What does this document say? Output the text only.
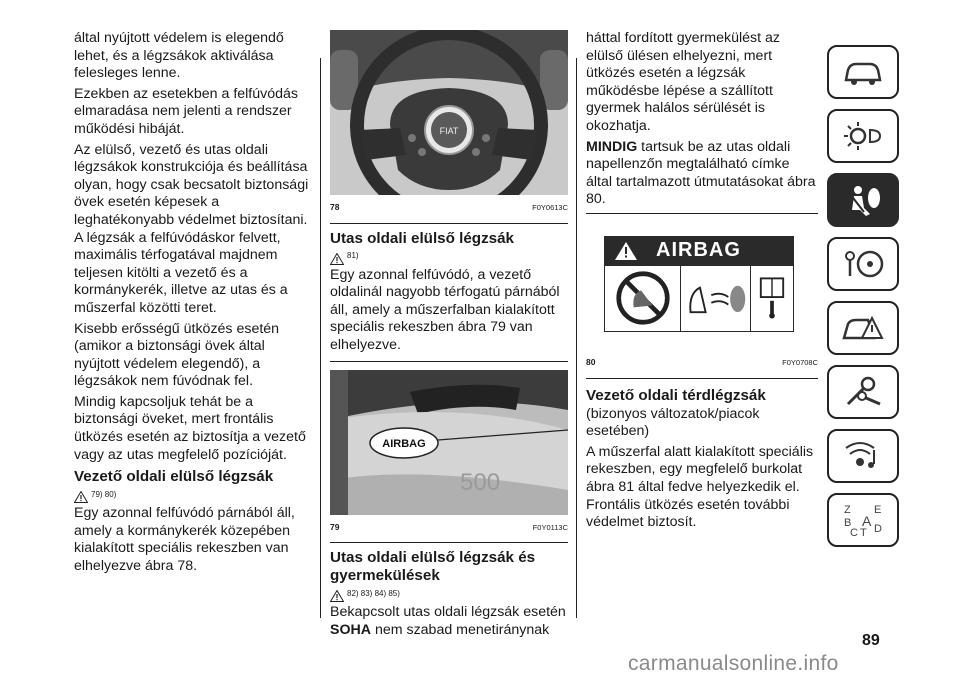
által nyújtott védelem is elegendő lehet, és a légzsákok aktiválása felesleges lenne.

Ezekben az esetekben a felfúvódás elmaradása nem jelenti a rendszer működési hibáját.

Az elülső, vezető és utas oldali légzsákok konstrukciója és beállítása olyan, hogy csak becsatolt biztonsági övek esetén képesek a leghatékonyabb védelmet biztosítani. A légzsák a felfúvódáskor felvett, maximális térfogatával majdnem teljesen kitölti a vezető és a kormánykerék, illetve az utas és a műszerfal közötti teret.

Kisebb erősségű ütközés esetén (amikor a biztonsági övek által nyújtott védelem elegendő), a légzsákok nem fúvódnak fel.

Mindig kapcsoljuk tehát be a biztonsági öveket, mert frontális ütközés esetén az biztosítja a vezető vagy az utas megfelelő pozícióját.

Vezető oldali elülső légzsák
79) 80)

Egy azonnal felfúvódó párnából áll, amely a kormánykerék közepében kialakított speciális rekeszben van elhelyezve ábra 78.

FIAT
78	F0Y0613C
Utas oldali elülső légzsák
81)

Egy azonnal felfúvódó, a vezető oldalinál nagyobb térfogatú párnából áll, amely a műszerfalban kialakított speciális rekeszben ábra 79 van elhelyezve.

AIRBAG
500
79	F0Y0113C
Utas oldali elülső légzsák és gyermekülések
82) 83) 84) 85)

Bekapcsolt utas oldali légzsák esetén SOHA nem szabad menetiránynak

háttal fordított gyermekülést az elülső ülésen elhelyezni, mert ütközés esetén a légzsák működésbe lépése a szállított gyermek halálos sérülését is okozhatja.

MINDIG tartsuk be az utas oldali napellenzőn megtalálható címke által tartalmazott útmutatásokat ábra 80.

AIRBAG
80	F0Y0708C
Vezető oldali térdlégzsák

(bizonyos változatok/piacok esetében)

A műszerfal alatt kialakított speciális rekeszben, egy megfelelő burkolat ábra 81 által fedve helyezkedik el. Frontális ütközés esetén további védelmet biztosít.

Z E
B A
C T D
89
carmanualsonline.info
